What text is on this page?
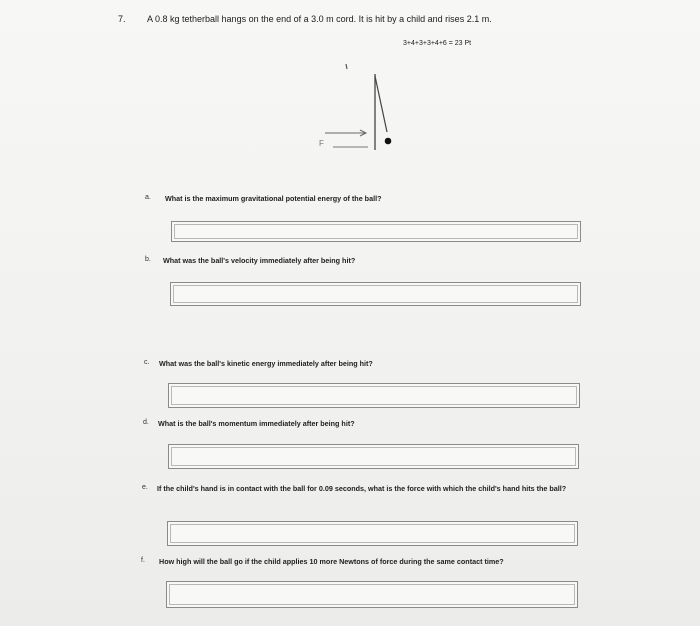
7. A 0.8 kg tetherball hangs on the end of a 3.0 m cord. It is hit by a child and rises 2.1 m.
3+4+3+3+4+6 = 23 Pt
F
a. What is the maximum gravitational potential energy of the ball?
b. What was the ball's velocity immediately after being hit?
c. What was the ball's kinetic energy immediately after being hit?
d. What is the ball's momentum immediately after being hit?
e. If the child's hand is in contact with the ball for 0.09 seconds, what is the force with which the child's hand hits the ball?
f. How high will the ball go if the child applies 10 more Newtons of force during the same contact time?
